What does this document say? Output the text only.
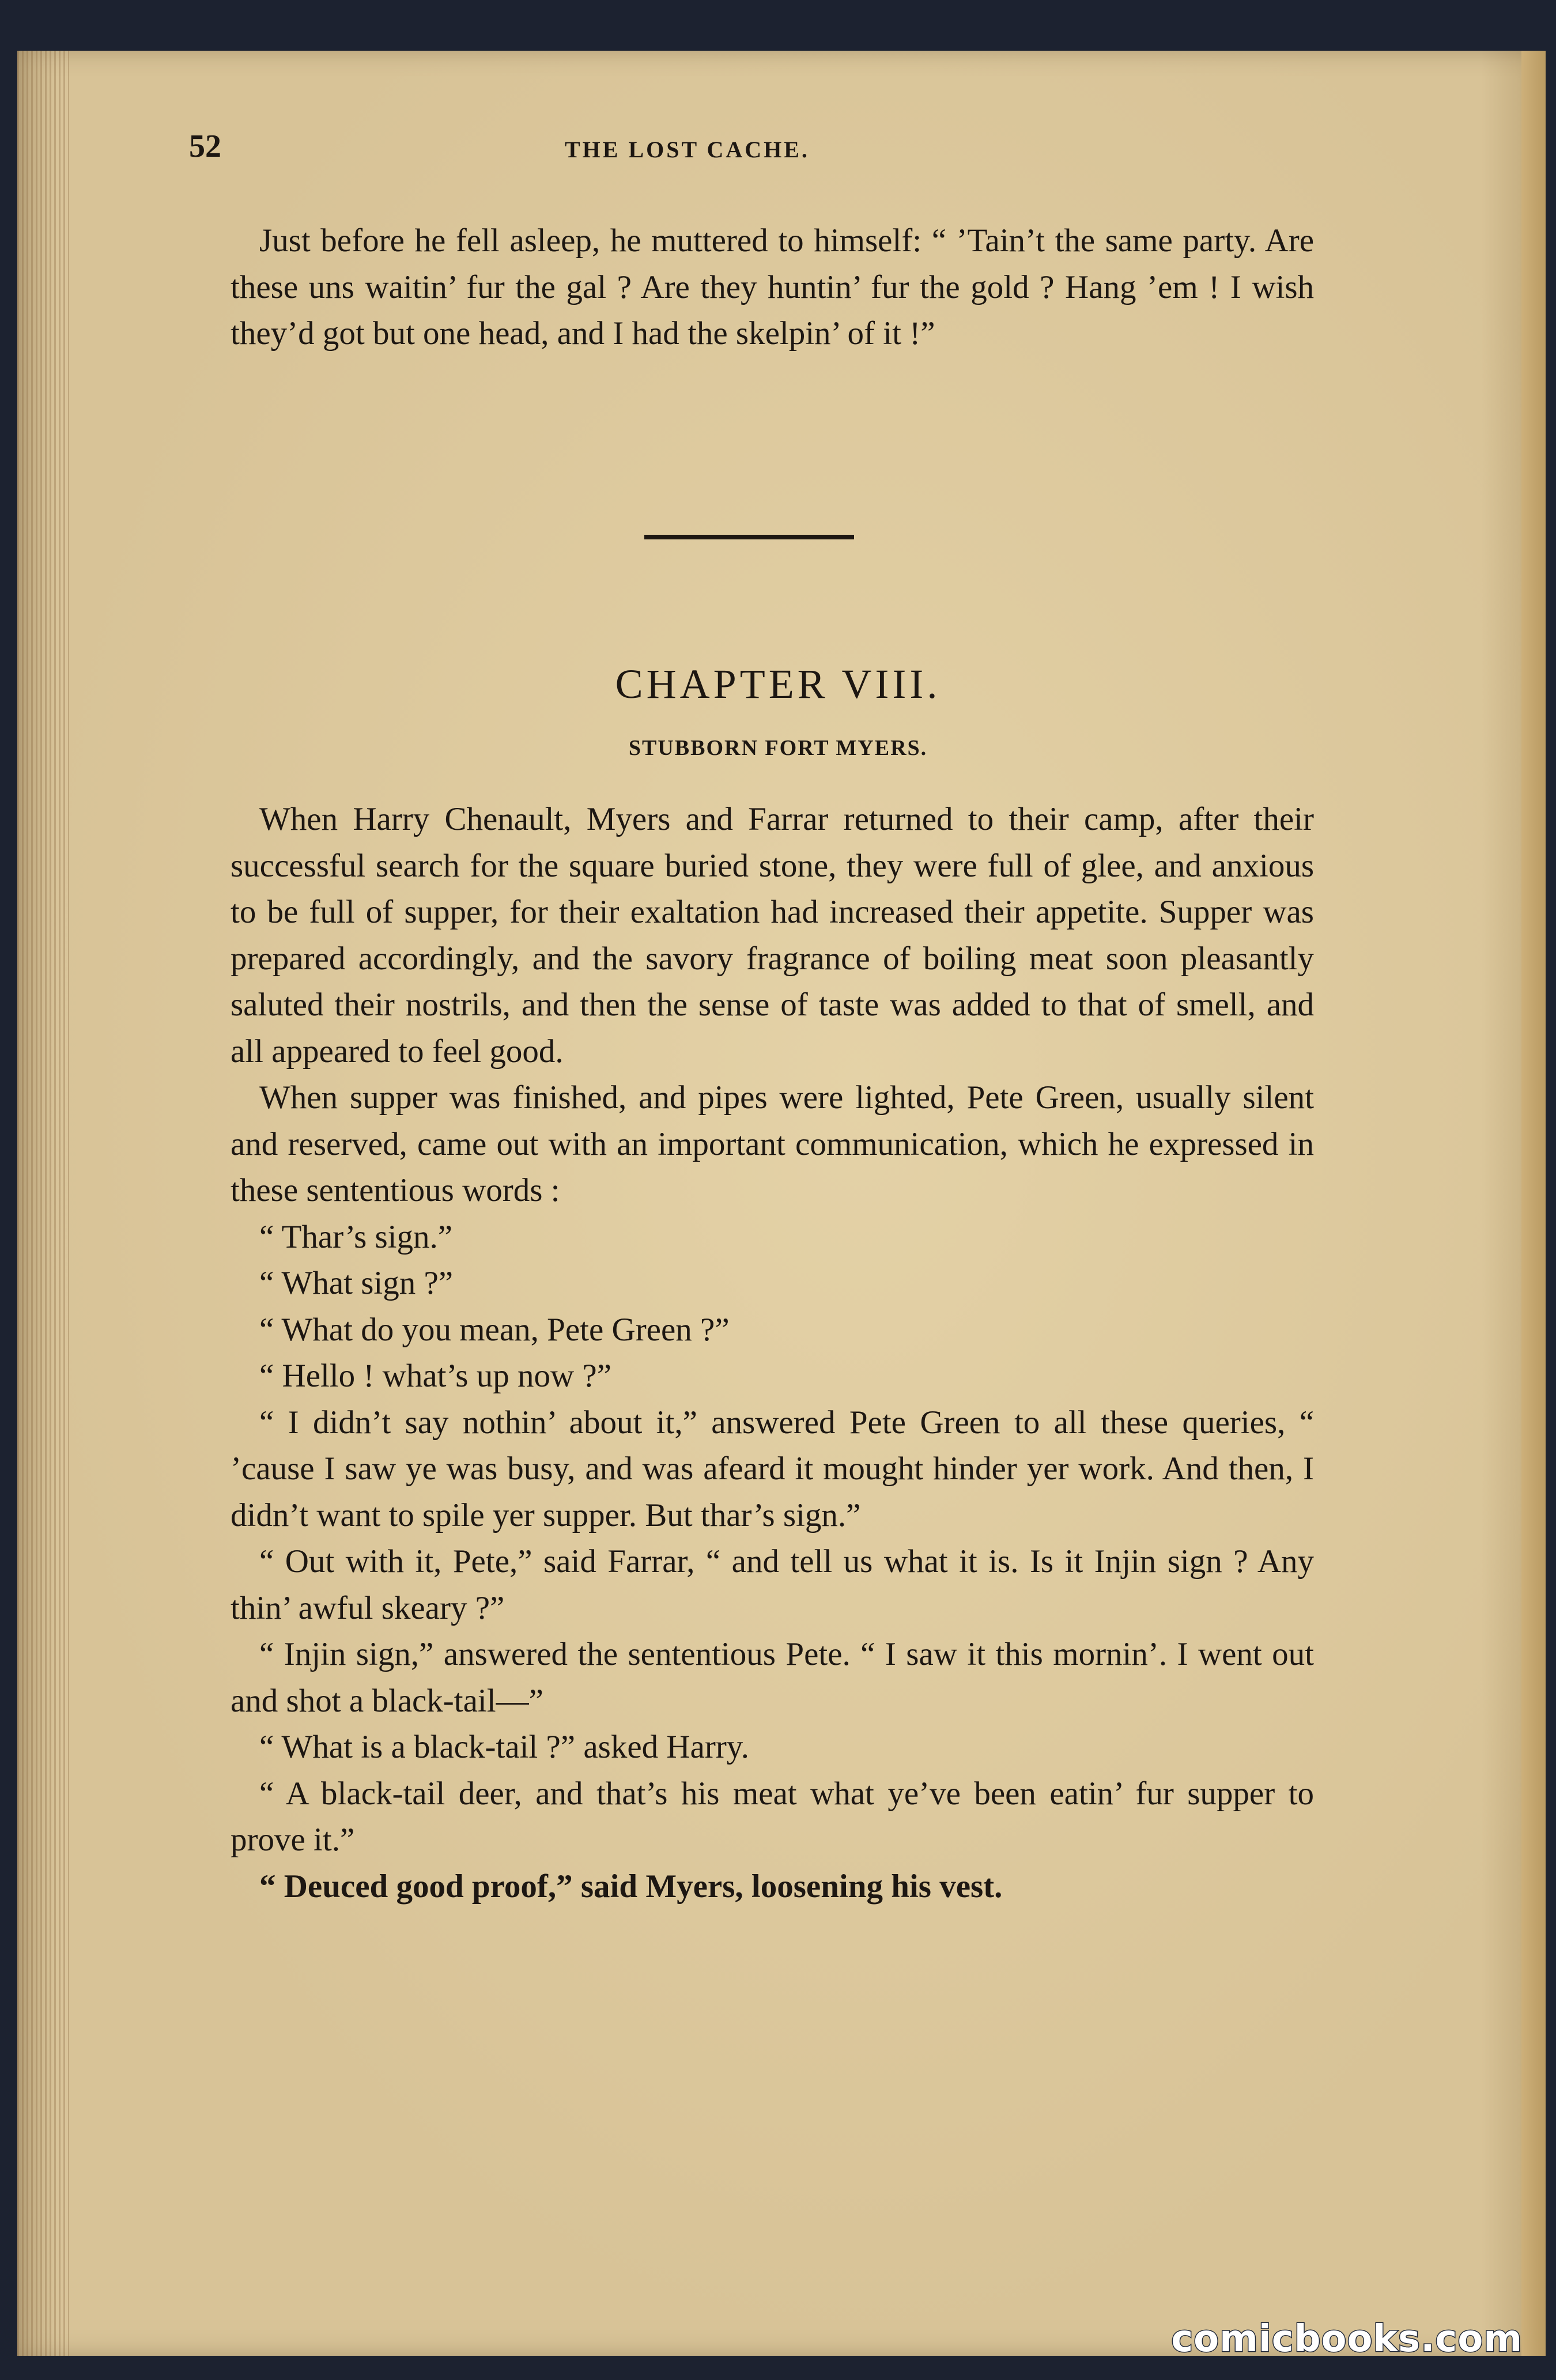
52	THE LOST CACHE.

Just before he fell asleep, he muttered to himself: “ ’Tain’t the same party. Are these uns waitin’ fur the gal ? Are they huntin’ fur the gold ? Hang ’em ! I wish they’d got but one head, and I had the skelpin’ of it !”

CHAPTER VIII.
STUBBORN FORT MYERS.

When Harry Chenault, Myers and Farrar returned to their camp, after their successful search for the square buried stone, they were full of glee, and anxious to be full of supper, for their exaltation had increased their appetite. Supper was prepared accordingly, and the savory fragrance of boiling meat soon pleasantly saluted their nostrils, and then the sense of taste was added to that of smell, and all appeared to feel good.

When supper was finished, and pipes were lighted, Pete Green, usually silent and reserved, came out with an important communication, which he expressed in these sententious words :

“ Thar’s sign.”

“ What sign ?”

“ What do you mean, Pete Green ?”

“ Hello ! what’s up now ?”

“ I didn’t say nothin’ about it,” answered Pete Green to all these queries, “ ’cause I saw ye was busy, and was afeard it mought hinder yer work. And then, I didn’t want to spile yer supper. But thar’s sign.”

“ Out with it, Pete,” said Farrar, “ and tell us what it is. Is it Injin sign ? Any thin’ awful skeary ?”

“ Injin sign,” answered the sententious Pete. “ I saw it this mornin’. I went out and shot a black-tail—”

“ What is a black-tail ?” asked Harry.

“ A black-tail deer, and that’s his meat what ye’ve been eatin’ fur supper to prove it.”

“ Deuced good proof,” said Myers, loosening his vest.

comicbooks.com
